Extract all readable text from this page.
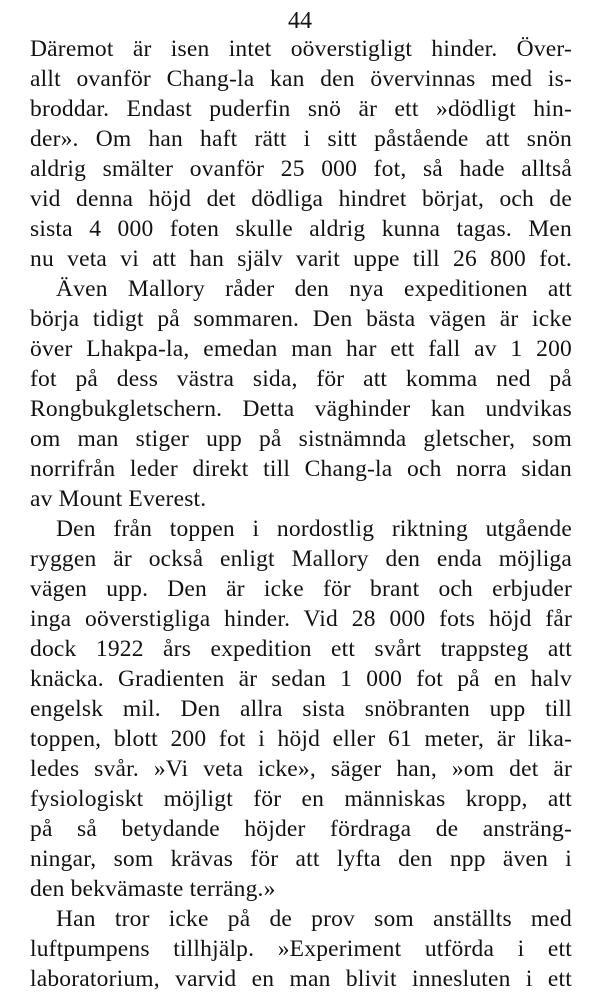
44
Däremot är isen intet oöverstigligt hinder. Över-
allt ovanför Chang-la kan den övervinnas med is-
broddar. Endast puderfin snö är ett »dödligt hin-
der». Om han haft rätt i sitt påstående att snön
aldrig smälter ovanför 25 000 fot, så hade alltså
vid denna höjd det dödliga hindret börjat, och de
sista 4 000 foten skulle aldrig kunna tagas. Men
nu veta vi att han själv varit uppe till 26 800 fot.
Även Mallory råder den nya expeditionen att
börja tidigt på sommaren. Den bästa vägen är icke
över Lhakpa-la, emedan man har ett fall av 1 200
fot på dess västra sida, för att komma ned på
Rongbukgletschern. Detta väghinder kan undvikas
om man stiger upp på sistnämnda gletscher, som
norrifrån leder direkt till Chang-la och norra sidan
av Mount Everest.
Den från toppen i nordostlig riktning utgående
ryggen är också enligt Mallory den enda möjliga
vägen upp. Den är icke för brant och erbjuder
inga oöverstigliga hinder. Vid 28 000 fots höjd får
dock 1922 års expedition ett svårt trappsteg att
knäcka. Gradienten är sedan 1 000 fot på en halv
engelsk mil. Den allra sista snöbranten upp till
toppen, blott 200 fot i höjd eller 61 meter, är lika-
ledes svår. »Vi veta icke», säger han, »om det är
fysiologiskt möjligt för en människas kropp, att
på så betydande höjder fördraga de ansträng-
ningar, som krävas för att lyfta den npp även i
den bekvämaste terräng.»
Han tror icke på de prov som anställts med
luftpumpens tillhjälp. »Experiment utförda i ett
laboratorium, varvid en man blivit innesluten i ett
